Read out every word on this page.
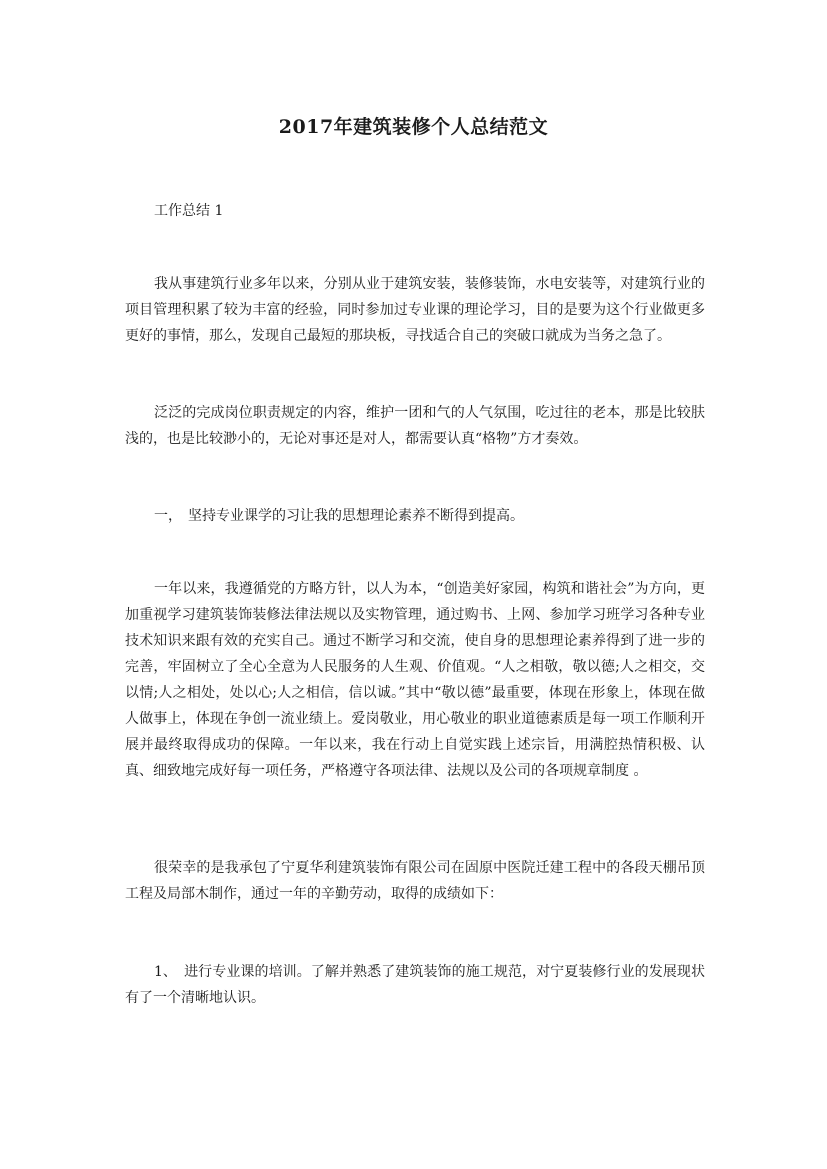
2017年建筑装修个人总结范文

工作总结 1

我从事建筑行业多年以来，分别从业于建筑安装，装修装饰，水电安装等，对建筑行业的项目管理积累了较为丰富的经验，同时参加过专业课的理论学习，目的是要为这个行业做更多更好的事情，那么，发现自己最短的那块板，寻找适合自己的突破口就成为当务之急了。

泛泛的完成岗位职责规定的内容，维护一团和气的人气氛围，吃过往的老本，那是比较肤浅的，也是比较渺小的，无论对事还是对人，都需要认真“格物”方才奏效。

一， 坚持专业课学的习让我的思想理论素养不断得到提高。

一年以来，我遵循党的方略方针，以人为本，“创造美好家园，构筑和谐社会”为方向，更加重视学习建筑装饰装修法律法规以及实物管理，通过购书、上网、参加学习班学习各种专业技术知识来跟有效的充实自己。通过不断学习和交流，使自身的思想理论素养得到了进一步的完善，牢固树立了全心全意为人民服务的人生观、价值观。“人之相敬，敬以德;人之相交，交以情;人之相处，处以心;人之相信，信以诚。”其中“敬以德”最重要，体现在形象上，体现在做人做事上，体现在争创一流业绩上。爱岗敬业，用心敬业的职业道德素质是每一项工作顺利开展并最终取得成功的保障。一年以来，我在行动上自觉实践上述宗旨，用满腔热情积极、认真、细致地完成好每一项任务，严格遵守各项法律、法规以及公司的各项规章制度 。

很荣幸的是我承包了宁夏华利建筑装饰有限公司在固原中医院迁建工程中的各段天棚吊顶工程及局部木制作，通过一年的辛勤劳动，取得的成绩如下：

1、 进行专业课的培训。了解并熟悉了建筑装饰的施工规范，对宁夏装修行业的发展现状有了一个清晰地认识。
